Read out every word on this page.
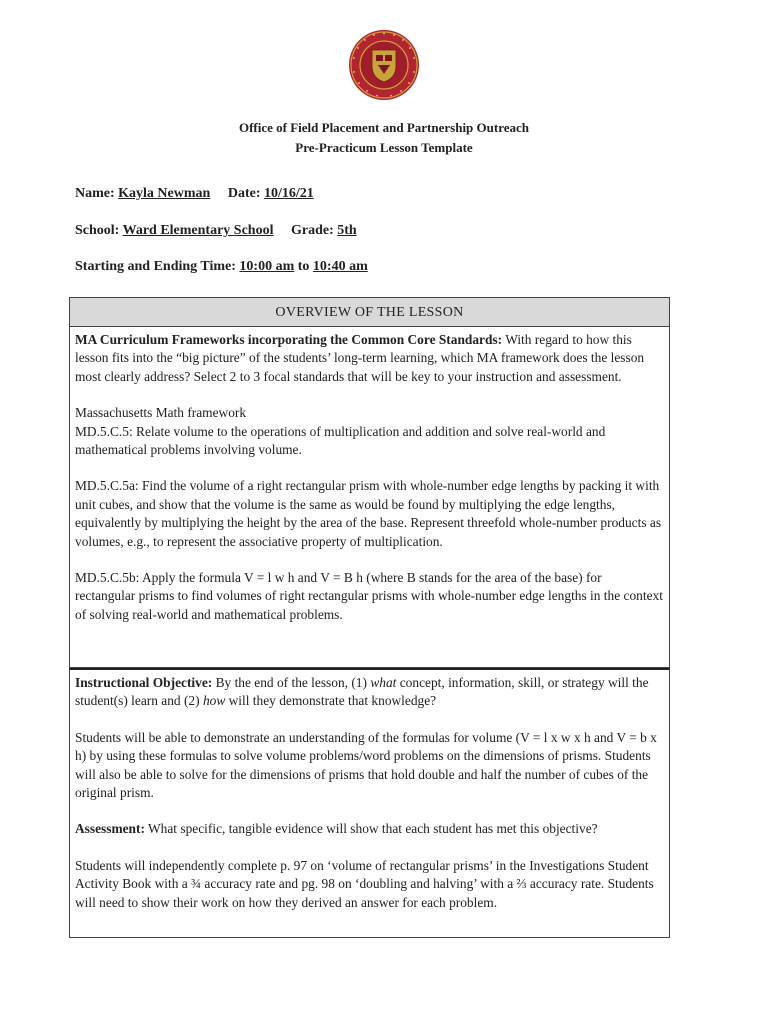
Office of Field Placement and Partnership Outreach
Pre-Practicum Lesson Template
Name: Kayla Newman Date: 10/16/21
School: Ward Elementary School Grade: 5th
Starting and Ending Time: 10:00 am to 10:40 am
OVERVIEW OF THE LESSON

MA Curriculum Frameworks incorporating the Common Core Standards: With regard to how this lesson fits into the “big picture” of the students’ long-term learning, which MA framework does the lesson most clearly address? Select 2 to 3 focal standards that will be key to your instruction and assessment.

Massachusetts Math framework
MD.5.C.5: Relate volume to the operations of multiplication and addition and solve real-world and mathematical problems involving volume.

MD.5.C.5a: Find the volume of a right rectangular prism with whole-number edge lengths by packing it with unit cubes, and show that the volume is the same as would be found by multiplying the edge lengths, equivalently by multiplying the height by the area of the base. Represent threefold whole-number products as volumes, e.g., to represent the associative property of multiplication.

MD.5.C.5b: Apply the formula V = l w h and V = B h (where B stands for the area of the base) for rectangular prisms to find volumes of right rectangular prisms with whole-number edge lengths in the context of solving real-world and mathematical problems.

Instructional Objective: By the end of the lesson, (1) what concept, information, skill, or strategy will the student(s) learn and (2) how will they demonstrate that knowledge?

Students will be able to demonstrate an understanding of the formulas for volume (V = l x w x h and V = b x h) by using these formulas to solve volume problems/word problems on the dimensions of prisms. Students will also be able to solve for the dimensions of prisms that hold double and half the number of cubes of the original prism.

Assessment: What specific, tangible evidence will show that each student has met this objective?

Students will independently complete p. 97 on ‘volume of rectangular prisms’ in the Investigations Student Activity Book with a ¾ accuracy rate and pg. 98 on ‘doubling and halving’ with a ⅔ accuracy rate. Students will need to show their work on how they derived an answer for each problem.
